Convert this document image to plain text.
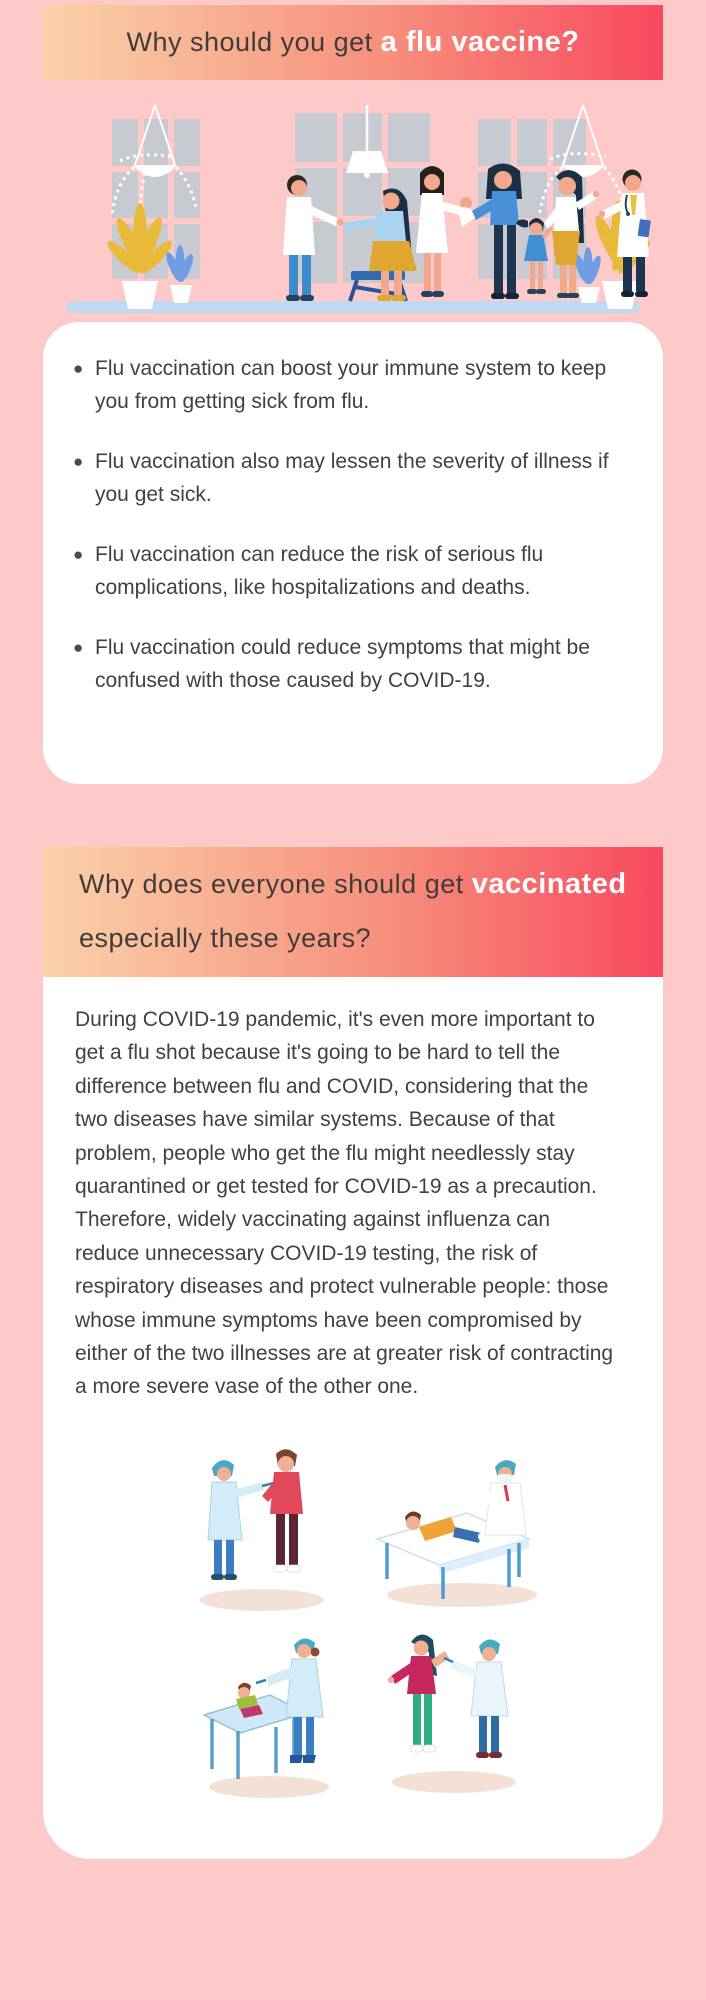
Why should you get
a flu vaccine?
● Flu vaccination can boost your immune system to keep you from getting sick from flu.
● Flu vaccination also may lessen the severity of illness if you get sick.
● Flu vaccination can reduce the risk of serious flu complications, like hospitalizations and deaths.
● Flu vaccination could reduce symptoms that might be confused with those caused by COVID-19.
Why does everyone should get vaccinated
especially these years?
During COVID-19 pandemic, it's even more important to get a flu shot because it's going to be hard to tell the difference between flu and COVID, considering that the two diseases have similar systems. Because of that problem, people who get the flu might needlessly stay quarantined or get tested for COVID-19 as a precaution. Therefore, widely vaccinating against influenza can reduce unnecessary COVID-19 testing, the risk of respiratory diseases and protect vulnerable people: those whose immune symptoms have been compromised by either of the two illnesses are at greater risk of contracting a more severe vase of the other one.
